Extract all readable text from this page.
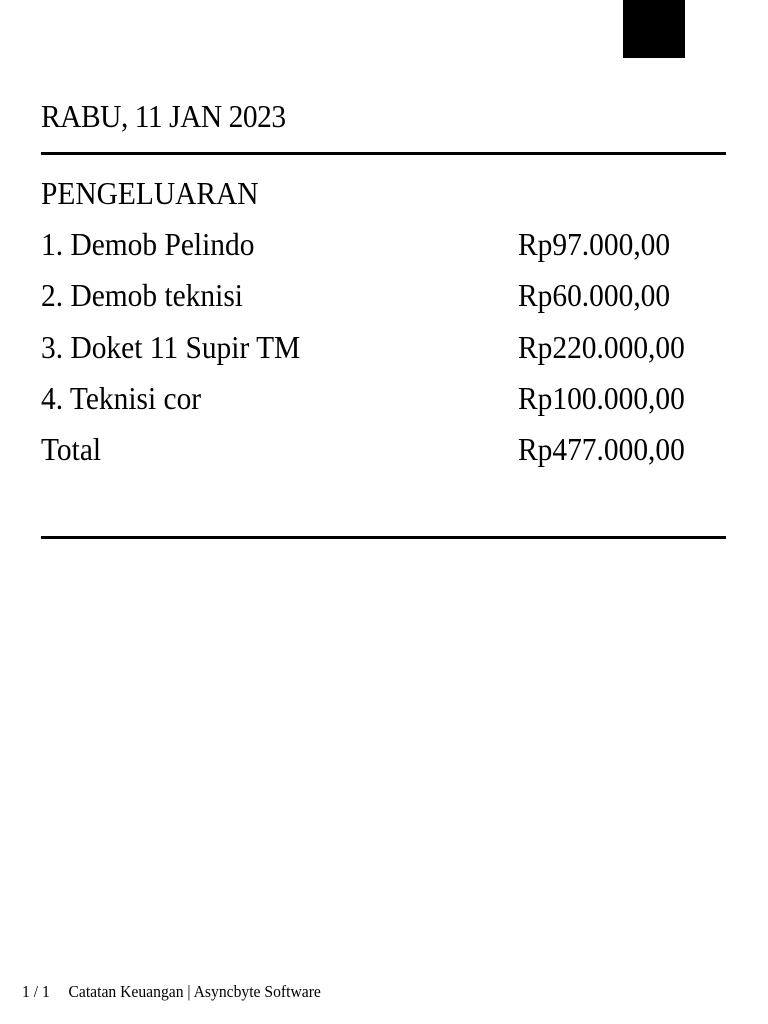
RABU, 11 JAN 2023
PENGELUARAN
1. Demob Pelindo	Rp97.000,00
2. Demob teknisi	Rp60.000,00
3. Doket 11 Supir TM	Rp220.000,00
4. Teknisi cor	Rp100.000,00
Total	Rp477.000,00
1 / 1 Catatan Keuangan | Asyncbyte Software
